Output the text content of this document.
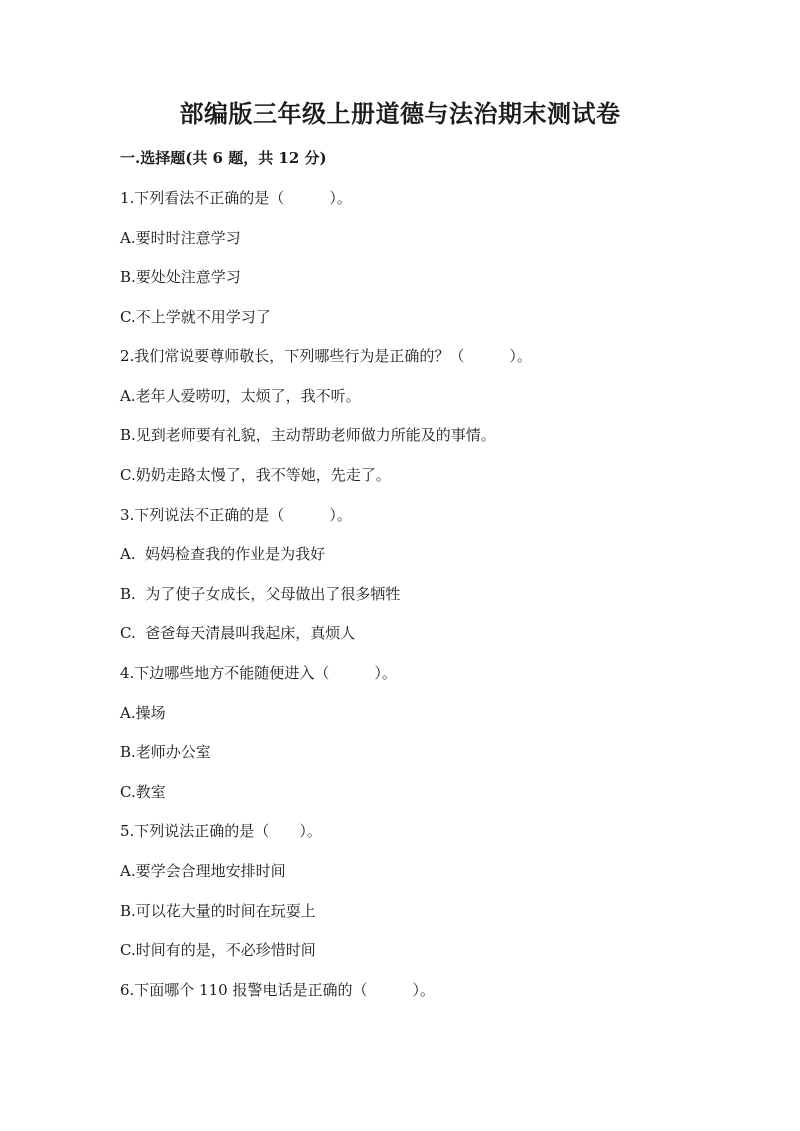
部编版三年级上册道德与法治期末测试卷
一.选择题(共 6 题，共 12 分)
1.下列看法不正确的是（　　　）。
A.要时时注意学习
B.要处处注意学习
C.不上学就不用学习了
2.我们常说要尊师敬长，下列哪些行为是正确的？（　　　）。
A.老年人爱唠叨，太烦了，我不听。
B.见到老师要有礼貌，主动帮助老师做力所能及的事情。
C.奶奶走路太慢了，我不等她，先走了。
3.下列说法不正确的是（　　　）。
A.  妈妈检查我的作业是为我好
B.  为了使子女成长，父母做出了很多牺牲
C.  爸爸每天清晨叫我起床，真烦人
4.下边哪些地方不能随便进入（　　　）。
A.操场
B.老师办公室
C.教室
5.下列说法正确的是（　　）。
A.要学会合理地安排时间
B.可以花大量的时间在玩耍上
C.时间有的是，不必珍惜时间
6.下面哪个 110 报警电话是正确的（　　　）。
